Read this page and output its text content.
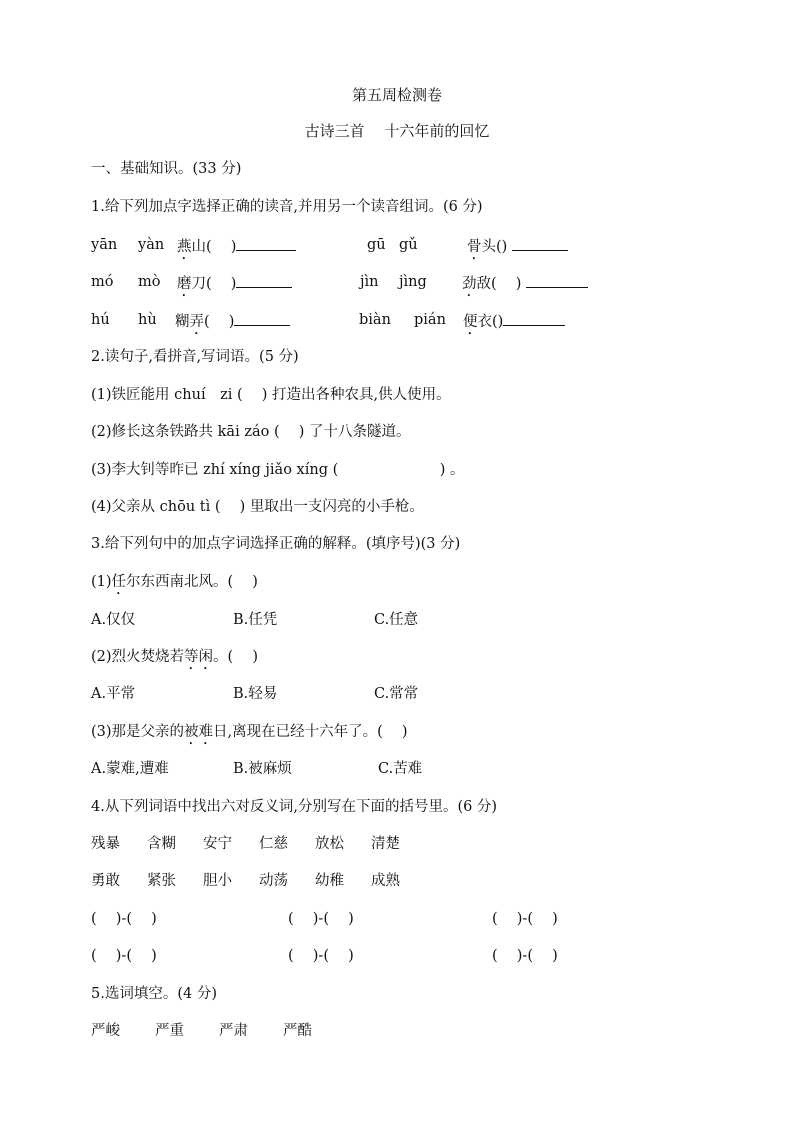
第五周检测卷
古诗三首　 十六年前的回忆
一、基础知识。(33 分)
1.给下列加点字选择正确的读音,并用另一个读音组词。(6 分)
yān yàn 燕山(　 )	gū gǔ	骨头()
mó mò 磨刀(　 )	jìn jìng 劲敌(　 )
hú hù 糊弄(　 )	biàn pián 便衣()
2.读句子,看拼音,写词语。(5 分)
(1)铁匠能用 chuí　zi (　 ) 打造出各种农具,供人使用。
(2)修长这条铁路共 kāi záo (　 ) 了十八条隧道。
(3)李大钊等昨已 zhí xíng jiǎo xíng (　　　　　　　) 。
(4)父亲从 chōu tì (　 ) 里取出一支闪亮的小手枪。
3.给下列句中的加点字词选择正确的解释。(填序号)(3 分)
(1)任尔东西南北风。(　 )
A.仅仅	B.任凭	C.任意
(2)烈火焚烧若等闲。(　 )
A.平常	B.轻易	C.常常
(3)那是父亲的被难日,离现在已经十六年了。(　 )
A.蒙难,遭难	B.被麻烦	C.苦难
4.从下列词语中找出六对反义词,分别写在下面的括号里。(6 分)
残暴 含糊 安宁 仁慈 放松 清楚
勇敢 紧张 胆小 动荡 幼稚 成熟
(　 )-(　 )	(　 )-(　 )	(　 )-(　 )
(　 )-(　 )	(　 )-(　 )	(　 )-(　 )
5.选词填空。(4 分)
严峻 严重 严肃 严酷
